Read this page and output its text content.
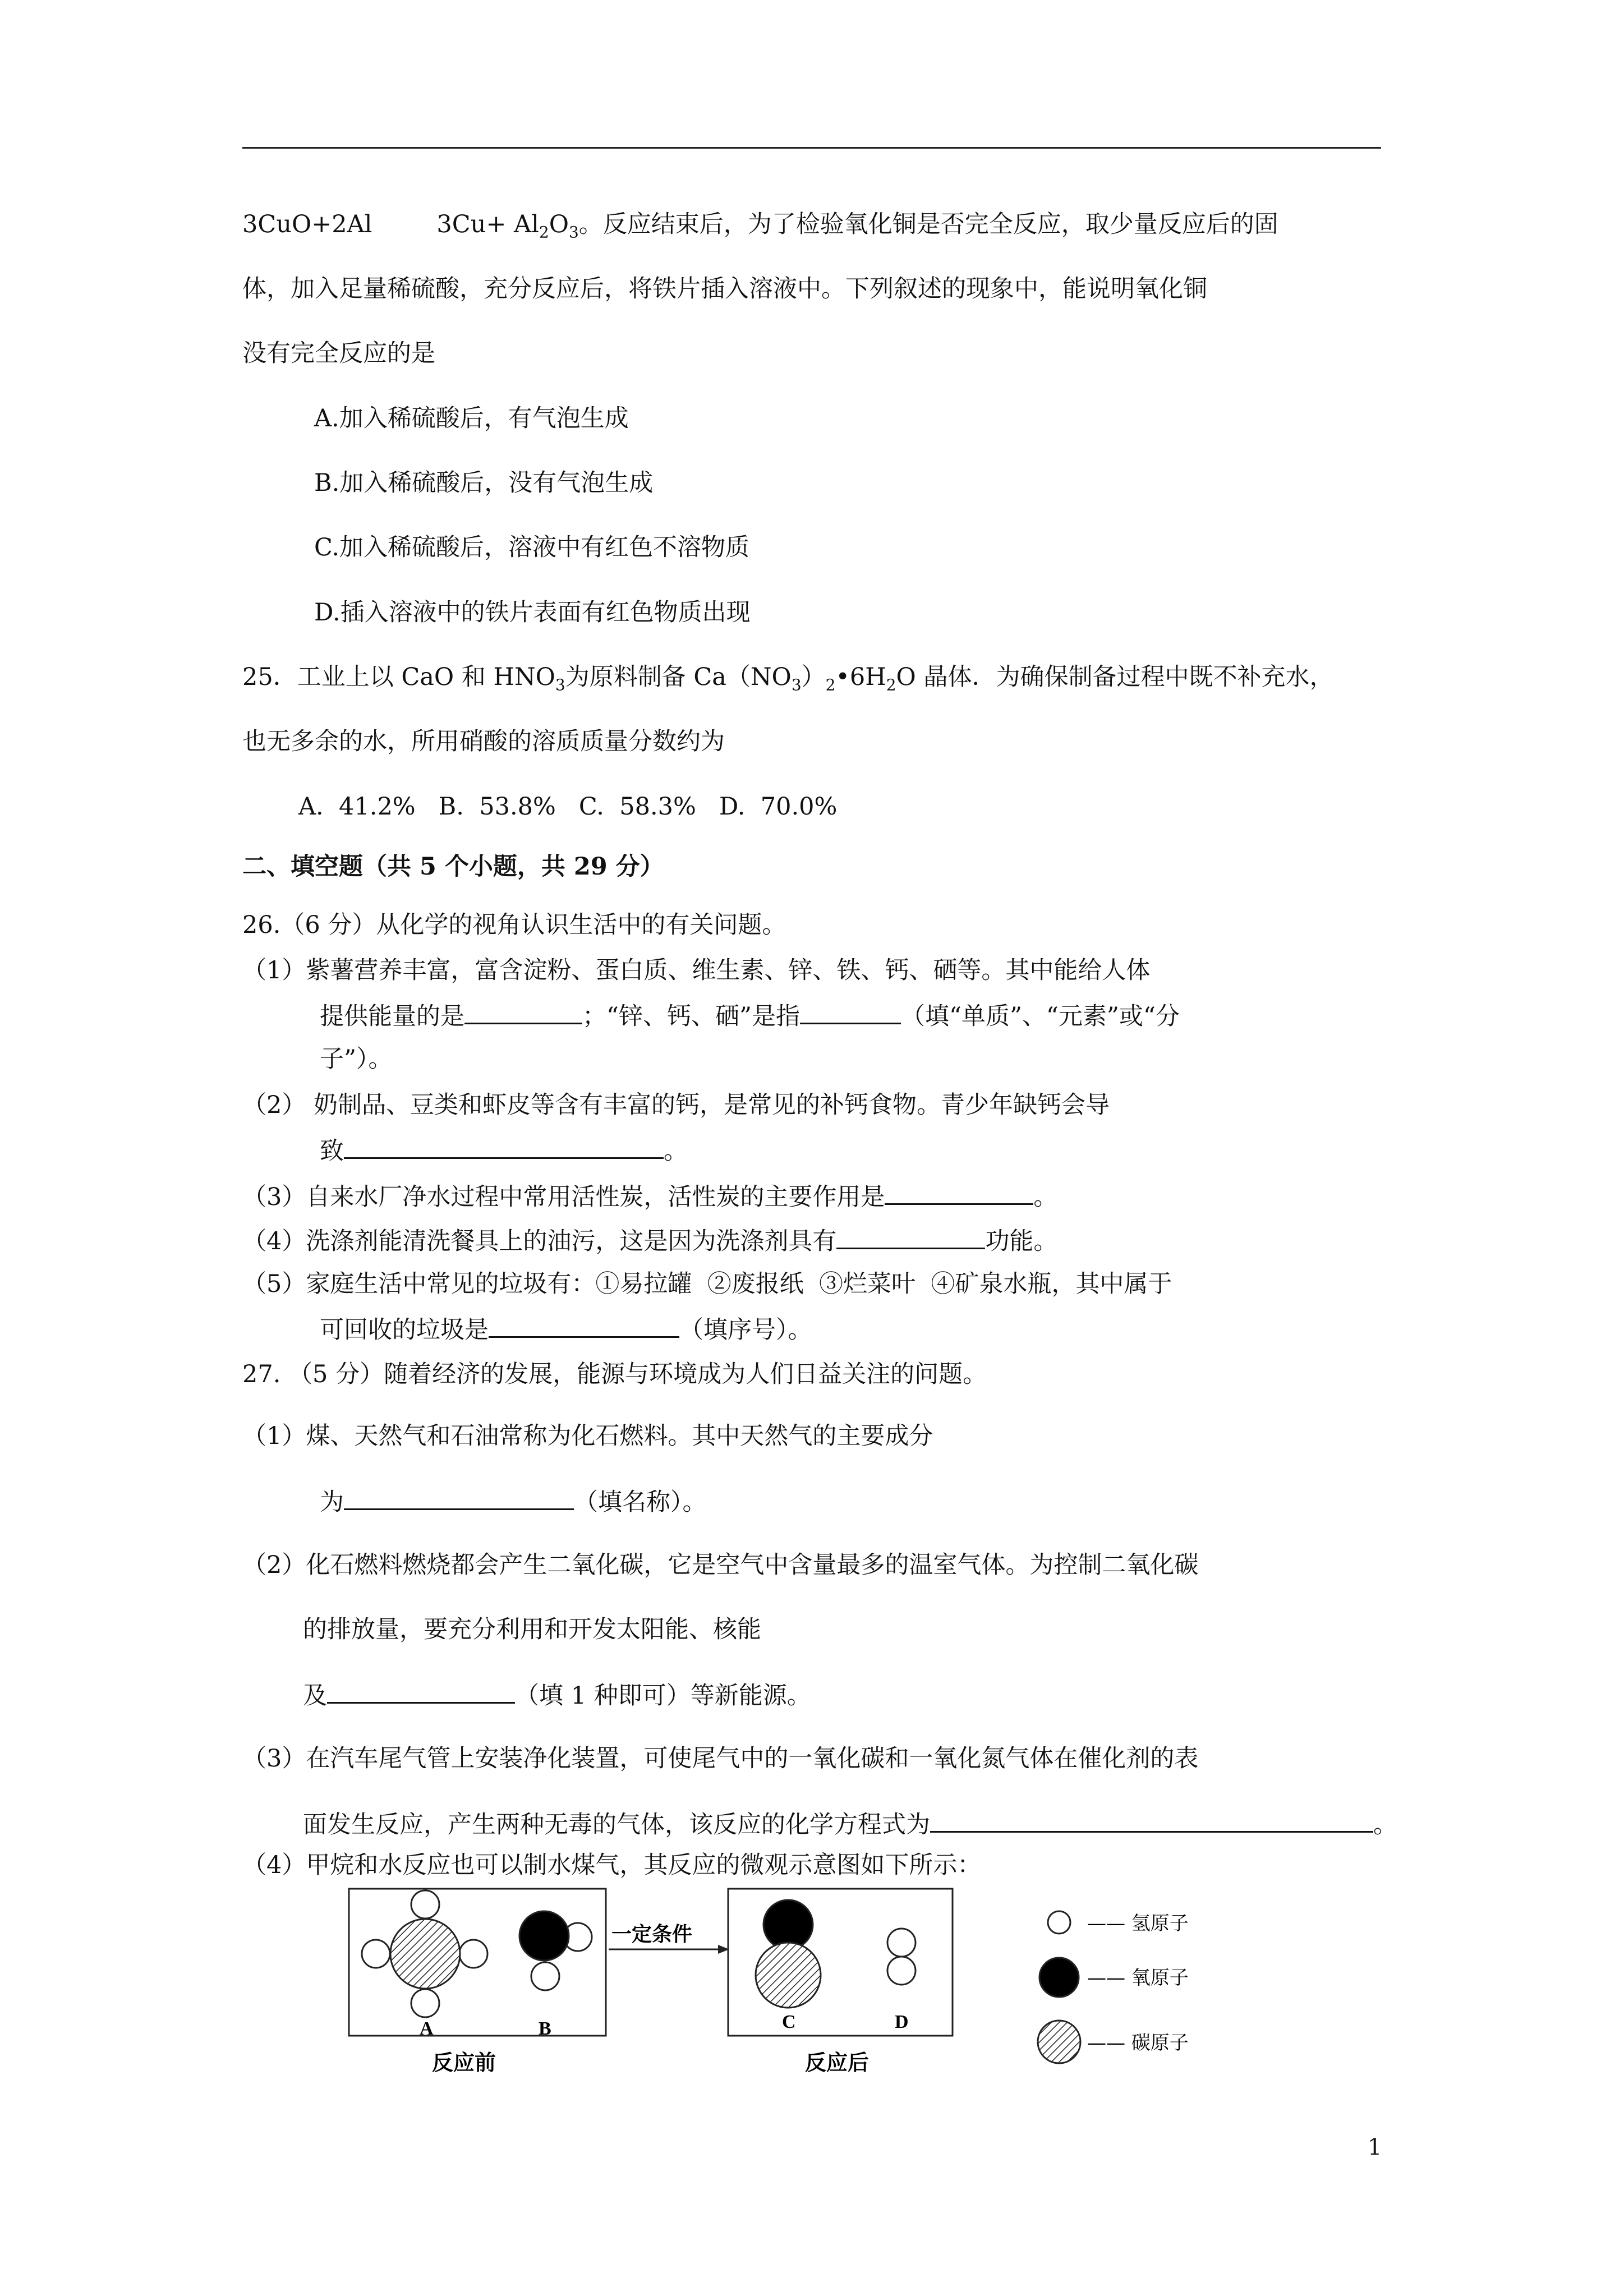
3CuO+2Al	$3Cu+ Al_2O_3$。反应结束后，为了检验氧化铜是否完全反应，取少量反应后的固
体，加入足量稀硫酸，充分反应后，将铁片插入溶液中。下列叙述的现象中，能说明氧化铜
没有完全反应的是
A.加入稀硫酸后，有气泡生成
B.加入稀硫酸后，没有气泡生成
C.加入稀硫酸后，溶液中有红色不溶物质
D.插入溶液中的铁片表面有红色物质出现
25．工业上以 CaO 和 $HNO_3$为原料制备 $Ca(NO_3)_2•6H_2O$ 晶体．为确保制备过程中既不补充水，
也无多余的水，所用硝酸的溶质质量分数约为
A.  41.2%   B.  53.8%   C.  58.3%   D.  70.0%
二、填空题（共 5 个小题，共 29 分）
26.（6 分）从化学的视角认识生活中的有关问题。
（1）紫薯营养丰富，富含淀粉、蛋白质、维生素、锌、铁、钙、硒等。其中能给人体
提供能量的是	；“锌、钙、硒”是指	（填“单质”、“元素”或“分
子”）。
（2） 奶制品、豆类和虾皮等含有丰富的钙，是常见的补钙食物。青少年缺钙会导
致	。
（3）自来水厂净水过程中常用活性炭，活性炭的主要作用是	。
（4）洗涤剂能清洗餐具上的油污，这是因为洗涤剂具有	功能。
（5）家庭生活中常见的垃圾有：①易拉罐  ②废报纸  ③烂菜叶  ④矿泉水瓶，其中属于
可回收的垃圾是	（填序号）。
27. （5 分）随着经济的发展，能源与环境成为人们日益关注的问题。
（1）煤、天然气和石油常称为化石燃料。其中天然气的主要成分
为	（填名称）。
（2）化石燃料燃烧都会产生二氧化碳，它是空气中含量最多的温室气体。为控制二氧化碳
的排放量，要充分利用和开发太阳能、核能
及	（填 1 种即可）等新能源。
（3）在汽车尾气管上安装净化装置，可使尾气中的一氧化碳和一氧化氮气体在催化剂的表
面发生反应，产生两种无毒的气体，该反应的化学方程式为	。
（4）甲烷和水反应也可以制水煤气，其反应的微观示意图如下所示：
A	B
反应前
一定条件
C	D
反应后
—— 氢原子
—— 氧原子
—— 碳原子
1
